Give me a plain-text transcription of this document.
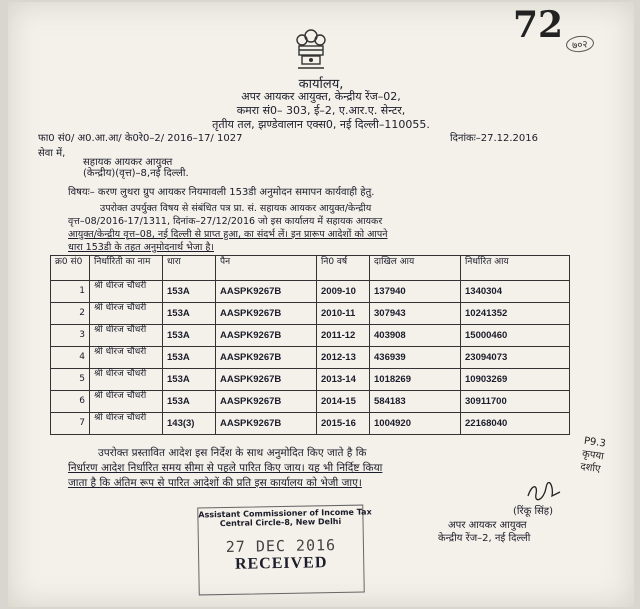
72 ७०२
कार्यालय,
अपर आयकर आयुक्त, केन्द्रीय रेंज–02,
कमरा सं0– 303, ई–2, ए.आर.ए. सेन्टर,
तृतीय तल, झण्डेवालान एक्स0, नई दिल्ली–110055.
फा0 सं0/ अ0.आ.आ/ के0रे0–2/ 2016–17/ 1027	दिनांकः–27.12.2016
सेवा में,
सहायक आयकर आयुक्त
(केन्द्रीय)(वृत्त)–8,नई दिल्ली.
विषयः– करण लुथरा ग्रुप आयकर नियमावली 153डी अनुमोदन समापन कार्यवाही हेतु.
उपरोक्त उपर्युक्त विषय से संबंधित पत्र प्रा. सं. सहायक आयकर आयुक्त/केन्द्रीय
वृत्त–08/2016-17/1311, दिनांक–27/12/2016 जो इस कार्यालय में सहायक आयकर
आयुक्त/केन्द्रीय वृत्त–08, नई दिल्ली से प्राप्त हुआ, का संदर्भ लें। इन प्रारूप आदेशों को आपने
धारा 153डी के तहत अनुमोदनार्थ भेजा है।
क्र0 सं0	निर्धारिती का नाम	धारा	पैन	नि0 वर्ष	दाखिल आय	निर्धारित आय
1	श्री धीरज चौधरी	153A	AASPK9267B	2009-10	137940	1340304
2	श्री धीरज चौधरी	153A	AASPK9267B	2010-11	307943	10241352
3	श्री धीरज चौधरी	153A	AASPK9267B	2011-12	403908	15000460
4	श्री धीरज चौधरी	153A	AASPK9267B	2012-13	436939	23094073
5	श्री धीरज चौधरी	153A	AASPK9267B	2013-14	1018269	10903269
6	श्री धीरज चौधरी	153A	AASPK9267B	2014-15	584183	30911700
7	श्री धीरज चौधरी	143(3)	AASPK9267B	2015-16	1004920	22168040
उपरोक्त प्रस्तावित आदेश इस निर्देश के साथ अनुमोदित किए जाते है कि
निर्धारण आदेश निर्धारित समय सीमा से पहले पारित किए जाय। यह भी निर्दिष्ट किया
जाता है कि अंतिम रूप से पारित आदेशों की प्रति इस कार्यालय को भेजी जाए।
P9.3
कृपया
दर्शाए
(रिंकू सिंह)
अपर आयकर आयुक्त
केन्द्रीय रेंज–2, नई दिल्ली
Assistant Commissioner of Income Tax
Central Circle-8, New Delhi
27 DEC 2016
RECEIVED
